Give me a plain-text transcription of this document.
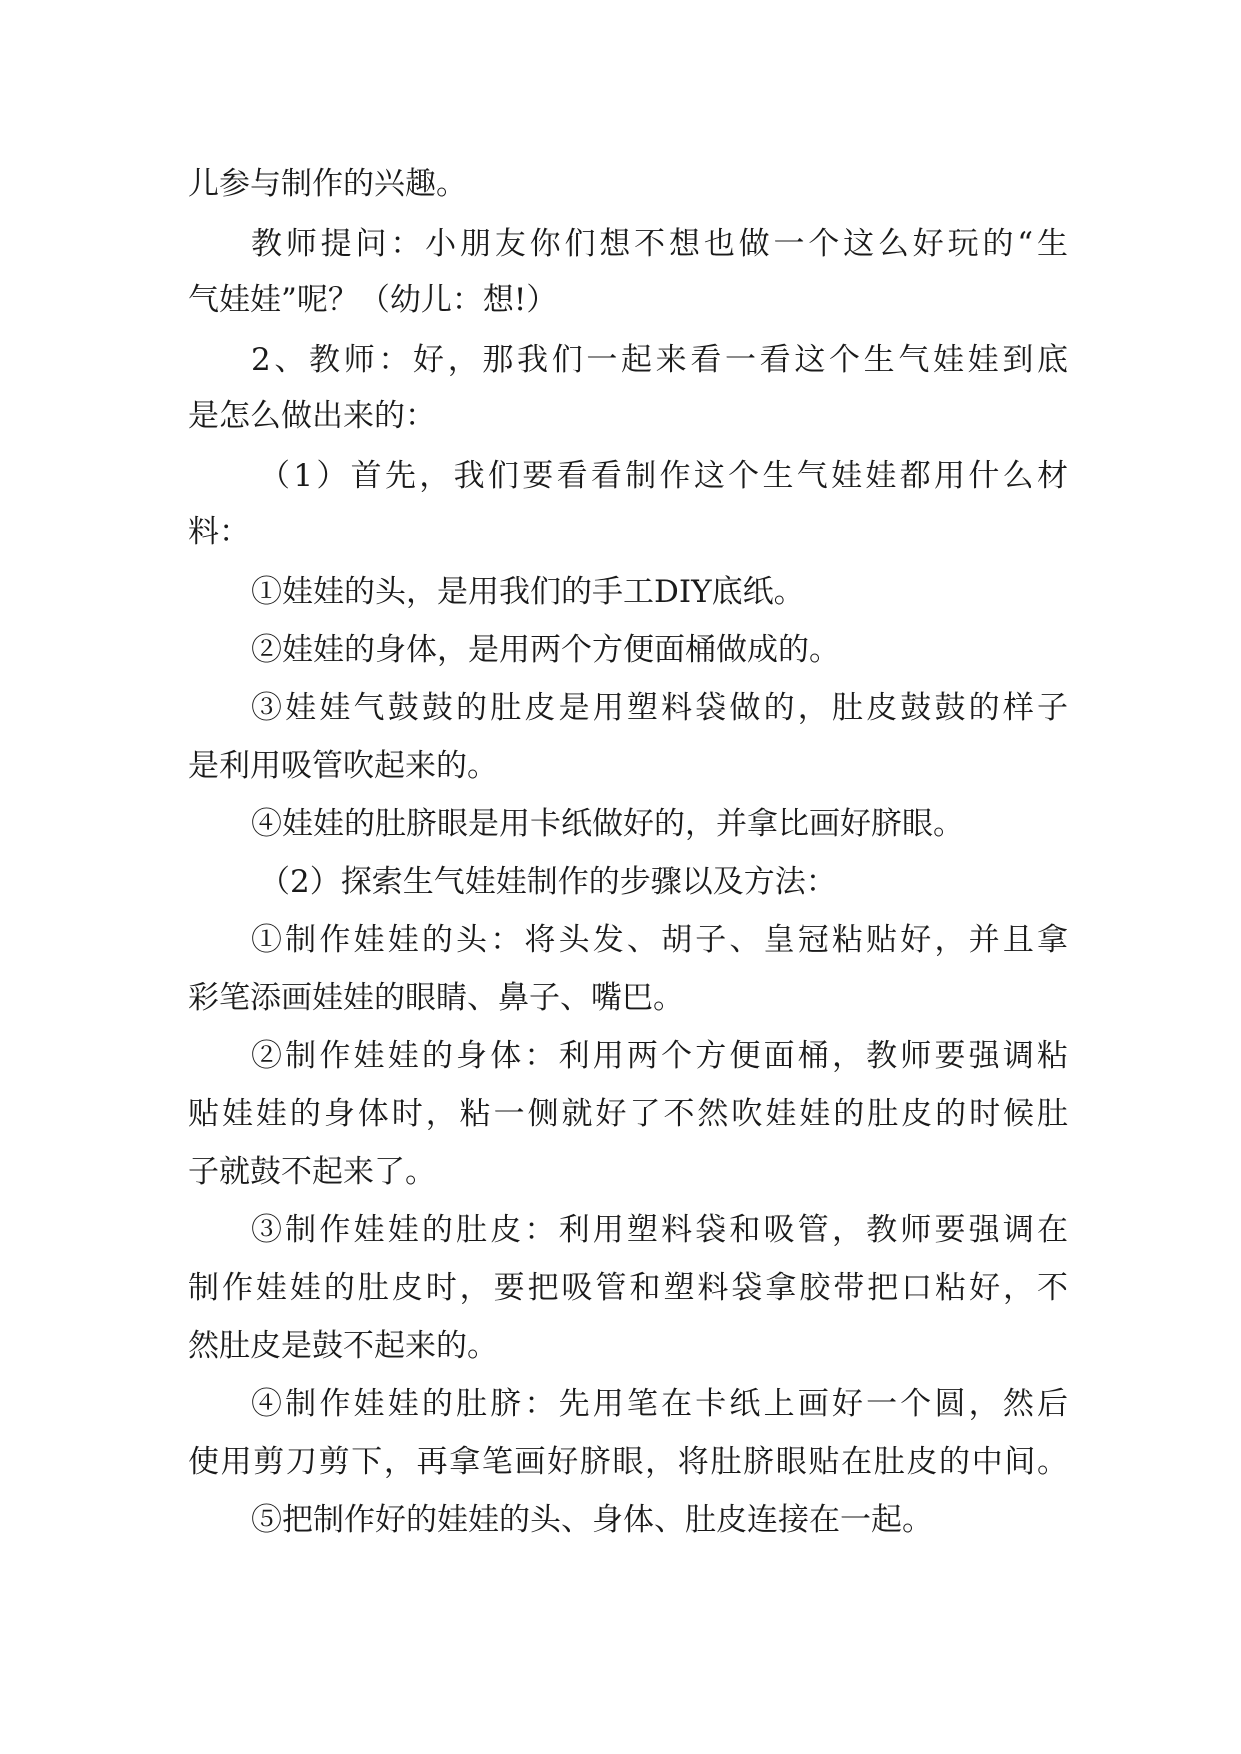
儿参与制作的兴趣。
教师提问：小朋友你们想不想也做一个这么好玩的“生
气娃娃”呢？（幼儿：想!）
2、教师：好，那我们一起来看一看这个生气娃娃到底
是怎么做出来的：
（1）首先，我们要看看制作这个生气娃娃都用什么材
料：
①娃娃的头，是用我们的手工DIY底纸。
②娃娃的身体，是用两个方便面桶做成的。
③娃娃气鼓鼓的肚皮是用塑料袋做的，肚皮鼓鼓的样子
是利用吸管吹起来的。
④娃娃的肚脐眼是用卡纸做好的，并拿比画好脐眼。
（2）探索生气娃娃制作的步骤以及方法：
①制作娃娃的头：将头发、胡子、皇冠粘贴好，并且拿
彩笔添画娃娃的眼睛、鼻子、嘴巴。
②制作娃娃的身体：利用两个方便面桶，教师要强调粘
贴娃娃的身体时，粘一侧就好了不然吹娃娃的肚皮的时候肚
子就鼓不起来了。
③制作娃娃的肚皮：利用塑料袋和吸管，教师要强调在
制作娃娃的肚皮时，要把吸管和塑料袋拿胶带把口粘好，不
然肚皮是鼓不起来的。
④制作娃娃的肚脐：先用笔在卡纸上画好一个圆，然后
使用剪刀剪下，再拿笔画好脐眼，将肚脐眼贴在肚皮的中间。
⑤把制作好的娃娃的头、身体、肚皮连接在一起。
